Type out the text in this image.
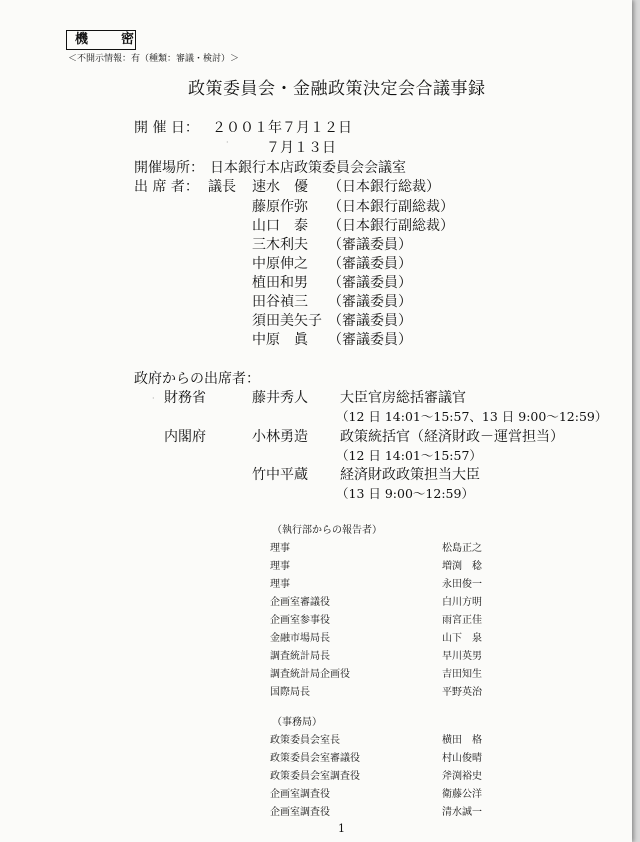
機　密
＜不開示情報：有（種類：審議・検討）＞
政策委員会・金融政策決定会合議事録
·
開 催 日： ２００１年７月１２日
７月１３日
開催場所： 日本銀行本店政策委員会会議室
出 席 者： 議長 速水　優 （日本銀行総裁）
藤原作弥 （日本銀行副総裁）
山口　泰 （日本銀行副総裁）
三木利夫 （審議委員）
中原伸之 （審議委員）
植田和男 （審議委員）
田谷禎三 （審議委員）
須田美矢子 （審議委員）
中原　眞 （審議委員）
政府からの出席者：
· 財務省	藤井秀人 大臣官房総括審議官
（12 日 14:01～15:57、13 日 9:00～12:59）
内閣府	小林勇造 政策統括官（経済財政－運営担当）
（12 日 14:01～15:57）
竹中平蔵 経済財政政策担当大臣
（13 日 9:00～12:59）
（執行部からの報告者）
理事	松島正之
理事	増渕　稔
理事	永田俊一
企画室審議役	白川方明
企画室参事役	雨宮正佳
金融市場局長	山下　泉
調査統計局長	早川英男
調査統計局企画役	吉田知生
国際局長	平野英治
（事務局）
政策委員会室長	横田　格
政策委員会室審議役	村山俊晴
政策委員会室調査役	斧渕裕史
企画室調査役	衛藤公洋
企画室調査役	清水誠一
1
